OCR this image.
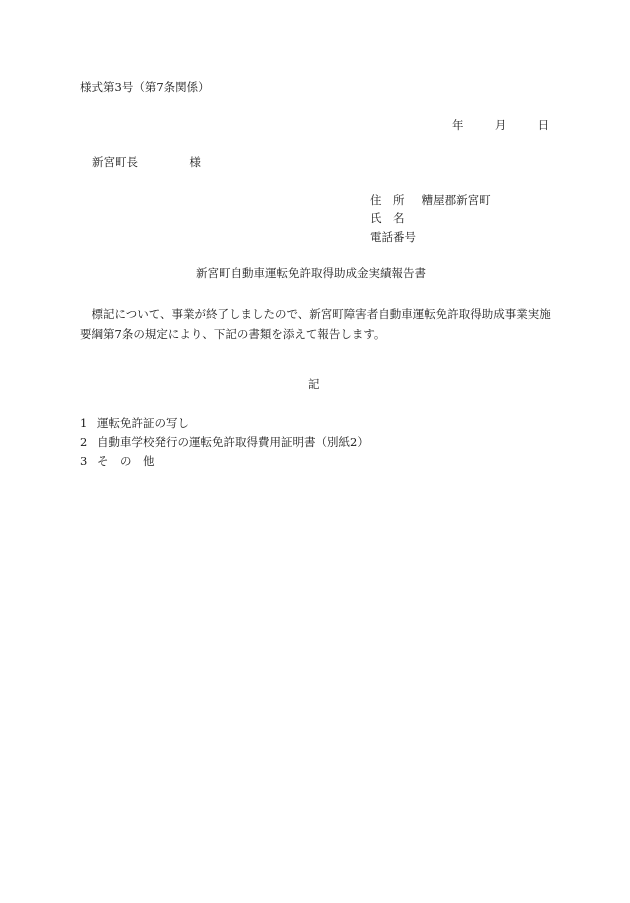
様式第3号（第7条関係）
年	月	日
新宮町長	様
住　所 糟屋郡新宮町
氏　名
電話番号
新宮町自動車運転免許取得助成金実績報告書
　標記について、事業が終了しましたので、新宮町障害者自動車運転免許取得助成事業実施要綱第7条の規定により、下記の書類を添えて報告します。
記
1 運転免許証の写し
2 自動車学校発行の運転免許取得費用証明書（別紙2）
3 そ　の　他
